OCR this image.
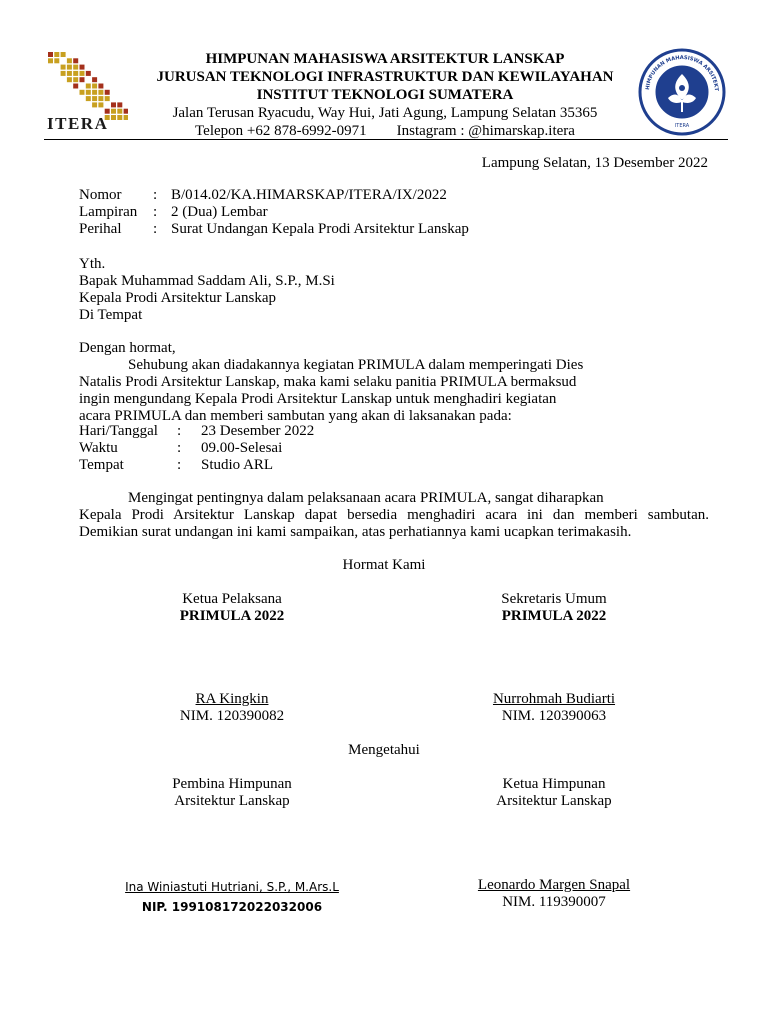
ITERA
HIMPUNAN MAHASISWA ARSITEKTUR LANSKAP
JURUSAN TEKNOLOGI INFRASTRUKTUR DAN KEWILAYAHAN
INSTITUT TEKNOLOGI SUMATERA
Jalan Terusan Ryacudu, Way Hui, Jati Agung, Lampung Selatan 35365
Telepon +62 878-6992-0971 Instagram : @himarskap.itera
HIMPUNAN MAHASISWA ARSITEKT
ITERA
Lampung Selatan, 13 Desember 2022
Nomor	: B/014.02/KA.HIMARSKAP/ITERA/IX/2022
Lampiran	: 2 (Dua) Lembar
Perihal	: Surat Undangan Kepala Prodi Arsitektur Lanskap
Yth.
Bapak Muhammad Saddam Ali, S.P., M.Si
Kepala Prodi Arsitektur Lanskap
Di Tempat
Dengan hormat,
Sehubung akan diadakannya kegiatan PRIMULA dalam memperingati Dies
Natalis Prodi Arsitektur Lanskap, maka kami selaku panitia PRIMULA bermaksud
ingin mengundang Kepala Prodi Arsitektur Lanskap untuk menghadiri kegiatan
acara PRIMULA dan memberi sambutan yang akan di laksanakan pada:
Hari/Tanggal	:	23 Desember 2022
Waktu	:	09.00-Selesai
Tempat	:	Studio ARL
Mengingat pentingnya dalam pelaksanaan acara PRIMULA, sangat diharapkan
Kepala Prodi Arsitektur Lanskap dapat bersedia menghadiri acara ini dan memberi sambutan.
Demikian surat undangan ini kami sampaikan, atas perhatiannya kami ucapkan terimakasih.
Hormat Kami
Ketua Pelaksana
PRIMULA 2022
Sekretaris Umum
PRIMULA 2022
RA Kingkin
NIM. 120390082
Nurrohmah Budiarti
NIM. 120390063
Mengetahui
Pembina Himpunan
Arsitektur Lanskap
Ketua Himpunan
Arsitektur Lanskap
Ina Winiastuti Hutriani, S.P., M.Ars.L
NIP. 199108172022032006
Leonardo Margen Snapal
NIM. 119390007
